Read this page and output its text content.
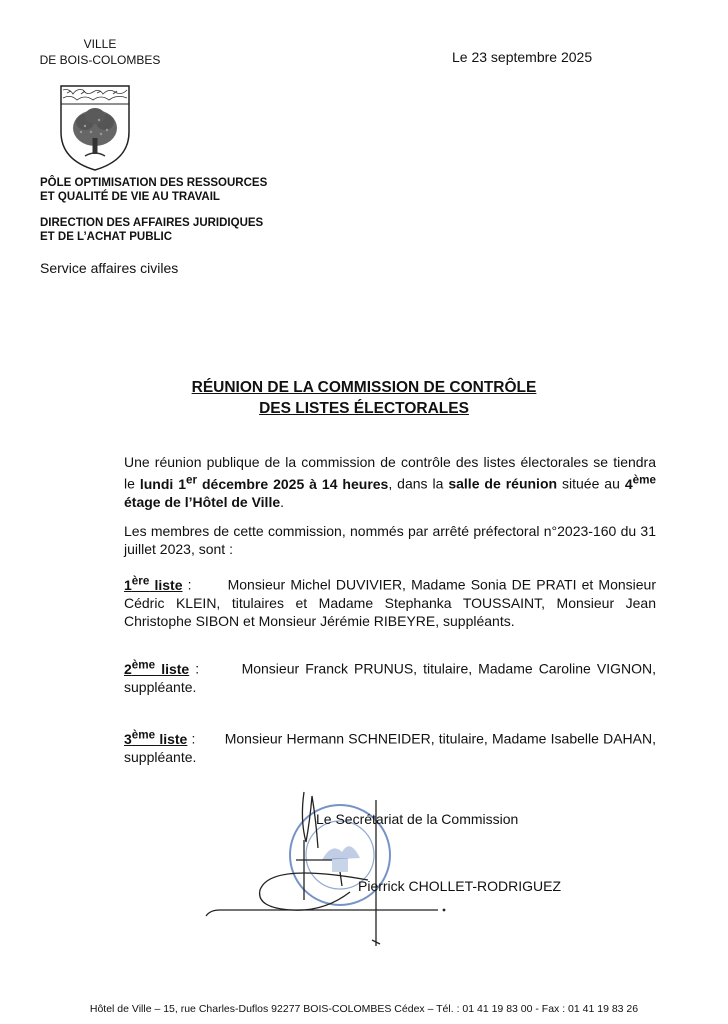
VILLE
DE BOIS-COLOMBES	Le 23 septembre 2025
PÔLE OPTIMISATION DES RESSOURCES
ET QUALITÉ DE VIE AU TRAVAIL
DIRECTION DES AFFAIRES JURIDIQUES
ET DE L’ACHAT PUBLIC
Service affaires civiles
RÉUNION DE LA COMMISSION DE CONTRÔLE
DES LISTES ÉLECTORALES
Une réunion publique de la commission de contrôle des listes électorales se tiendra le lundi 1er décembre 2025 à 14 heures, dans la salle de réunion située au 4ème étage de l’Hôtel de Ville.
Les membres de cette commission, nommés par arrêté préfectoral n°2023-160 du 31 juillet 2023, sont :
1ère liste :	Monsieur Michel DUVIVIER, Madame Sonia DE PRATI et Monsieur Cédric KLEIN, titulaires et Madame Stephanka TOUSSAINT, Monsieur Jean Christophe SIBON et Monsieur Jérémie RIBEYRE, suppléants.
2ème liste :	Monsieur Franck PRUNUS, titulaire, Madame Caroline VIGNON, suppléante.
3ème liste : Monsieur Hermann SCHNEIDER, titulaire, Madame Isabelle DAHAN, suppléante.
Le Secrétariat de la Commission
Pierrick CHOLLET-RODRIGUEZ
Hôtel de Ville – 15, rue Charles-Duflos 92277 BOIS-COLOMBES Cédex – Tél. : 01 41 19 83 00 - Fax : 01 41 19 83 26
